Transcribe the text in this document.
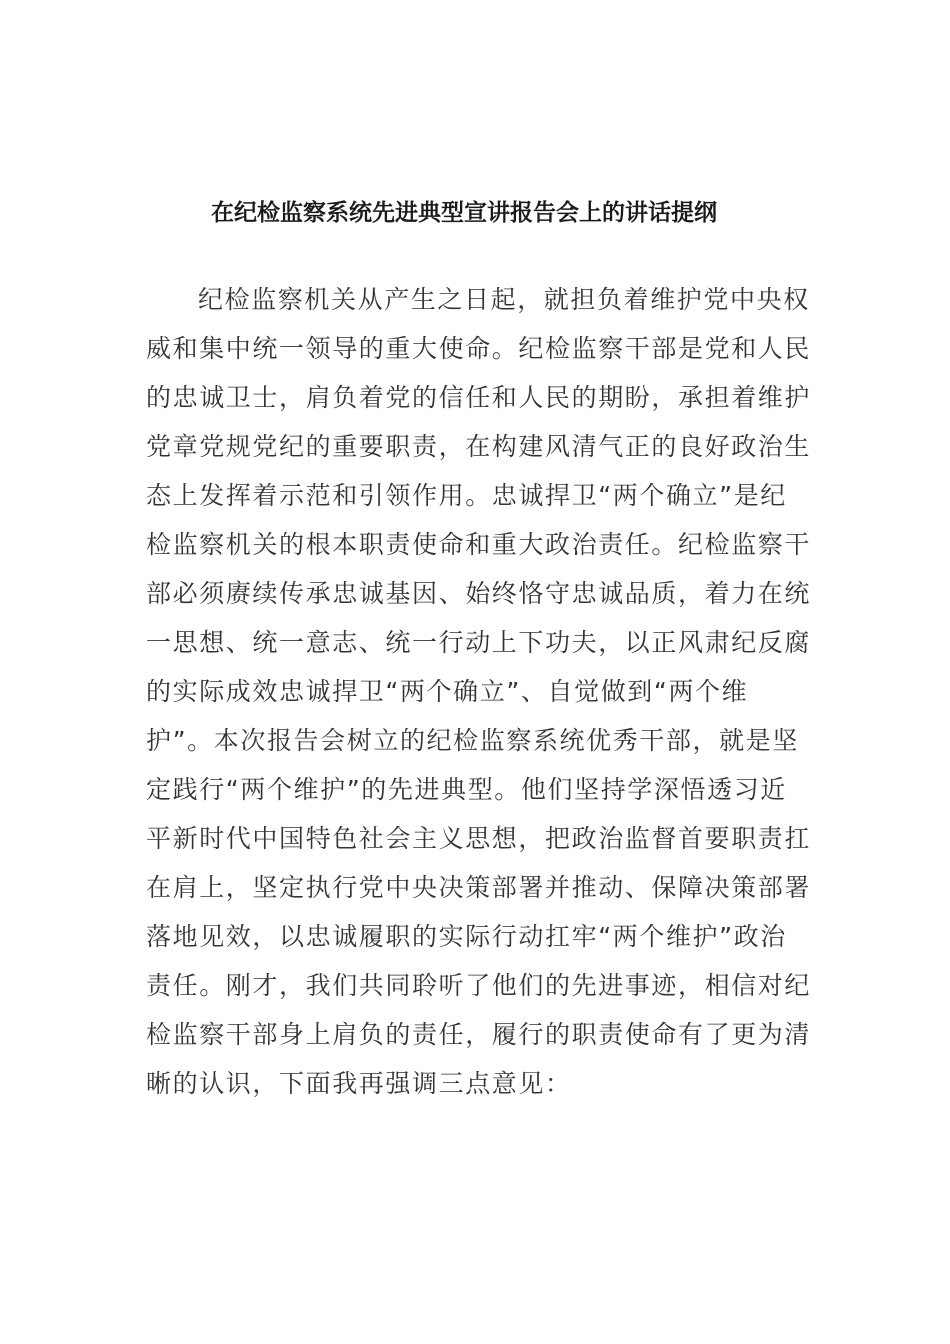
在纪检监察系统先进典型宣讲报告会上的讲话提纲
纪检监察机关从产生之日起，就担负着维护党中央权
威和集中统一领导的重大使命。纪检监察干部是党和人民
的忠诚卫士，肩负着党的信任和人民的期盼，承担着维护
党章党规党纪的重要职责，在构建风清气正的良好政治生
态上发挥着示范和引领作用。忠诚捍卫“两个确立”是纪
检监察机关的根本职责使命和重大政治责任。纪检监察干
部必须赓续传承忠诚基因、始终恪守忠诚品质，着力在统
一思想、统一意志、统一行动上下功夫，以正风肃纪反腐
的实际成效忠诚捍卫“两个确立”、自觉做到“两个维
护”。本次报告会树立的纪检监察系统优秀干部，就是坚
定践行“两个维护”的先进典型。他们坚持学深悟透习近
平新时代中国特色社会主义思想，把政治监督首要职责扛
在肩上，坚定执行党中央决策部署并推动、保障决策部署
落地见效，以忠诚履职的实际行动扛牢“两个维护”政治
责任。刚才，我们共同聆听了他们的先进事迹，相信对纪
检监察干部身上肩负的责任，履行的职责使命有了更为清
晰的认识，下面我再强调三点意见：
